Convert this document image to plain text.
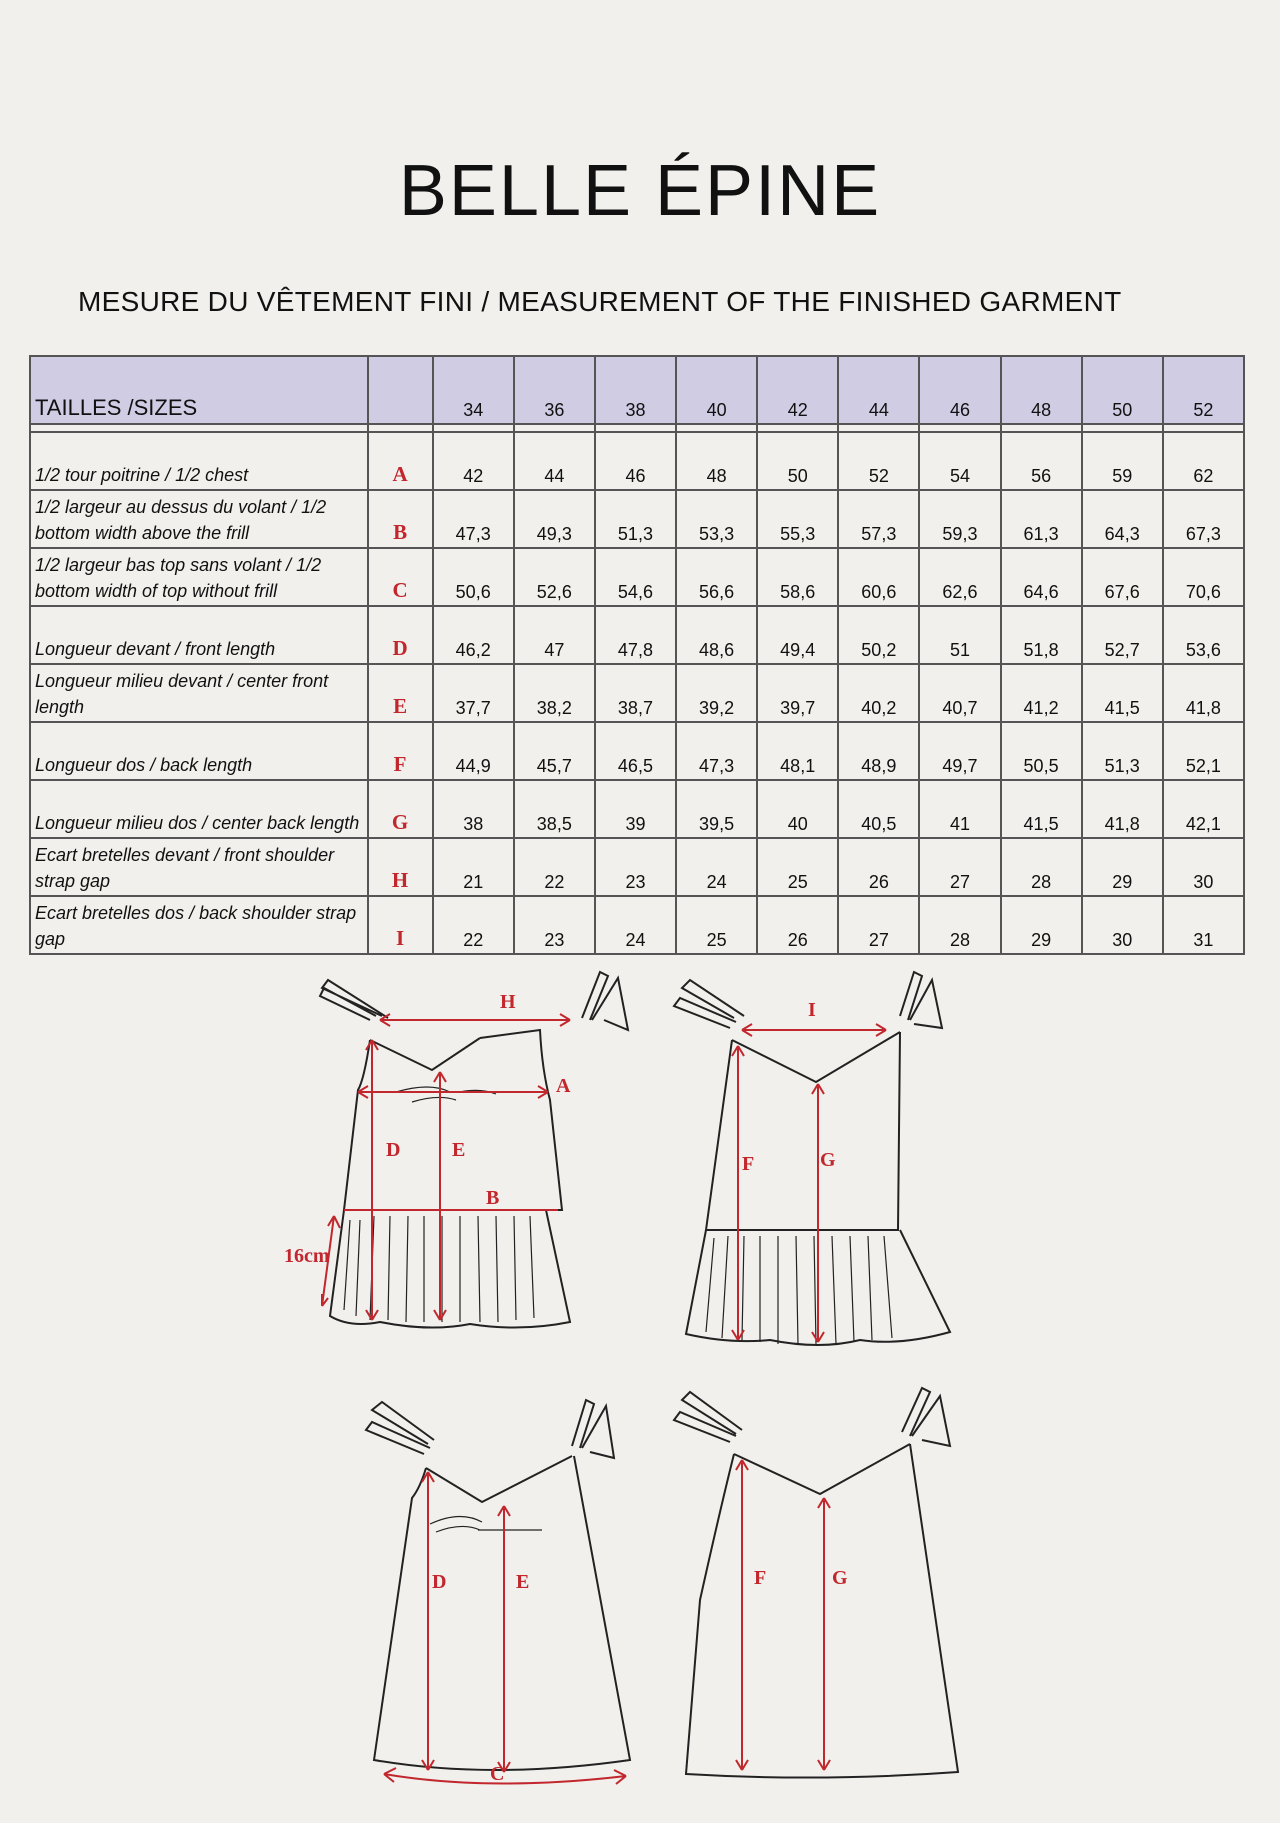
BELLE ÉPINE
MESURE DU VÊTEMENT FINI / MEASUREMENT OF THE FINISHED GARMENT
TAILLES /SIZES		34	36	38	40	42	44	46	48	50	52

1/2 tour poitrine / 1/2 chest	A	42	44	46	48	50	52	54	56	59	62
1/2 largeur au dessus du volant / 1/2 bottom width above the frill	B	47,3	49,3	51,3	53,3	55,3	57,3	59,3	61,3	64,3	67,3
1/2 largeur bas top sans volant / 1/2 bottom width of top without frill	C	50,6	52,6	54,6	56,6	58,6	60,6	62,6	64,6	67,6	70,6
Longueur devant / front length	D	46,2	47	47,8	48,6	49,4	50,2	51	51,8	52,7	53,6
Longueur milieu devant / center front length	E	37,7	38,2	38,7	39,2	39,7	40,2	40,7	41,2	41,5	41,8
Longueur dos / back length	F	44,9	45,7	46,5	47,3	48,1	48,9	49,7	50,5	51,3	52,1
Longueur milieu dos / center back length	G	38	38,5	39	39,5	40	40,5	41	41,5	41,8	42,1
Ecart bretelles devant / front shoulder strap gap	H	21	22	23	24	25	26	27	28	29	30
Ecart bretelles dos / back shoulder strap gap	I	22	23	24	25	26	27	28	29	30	31
H
A
D	E
B
16cm
I
F	G
D	E
C
F	G
